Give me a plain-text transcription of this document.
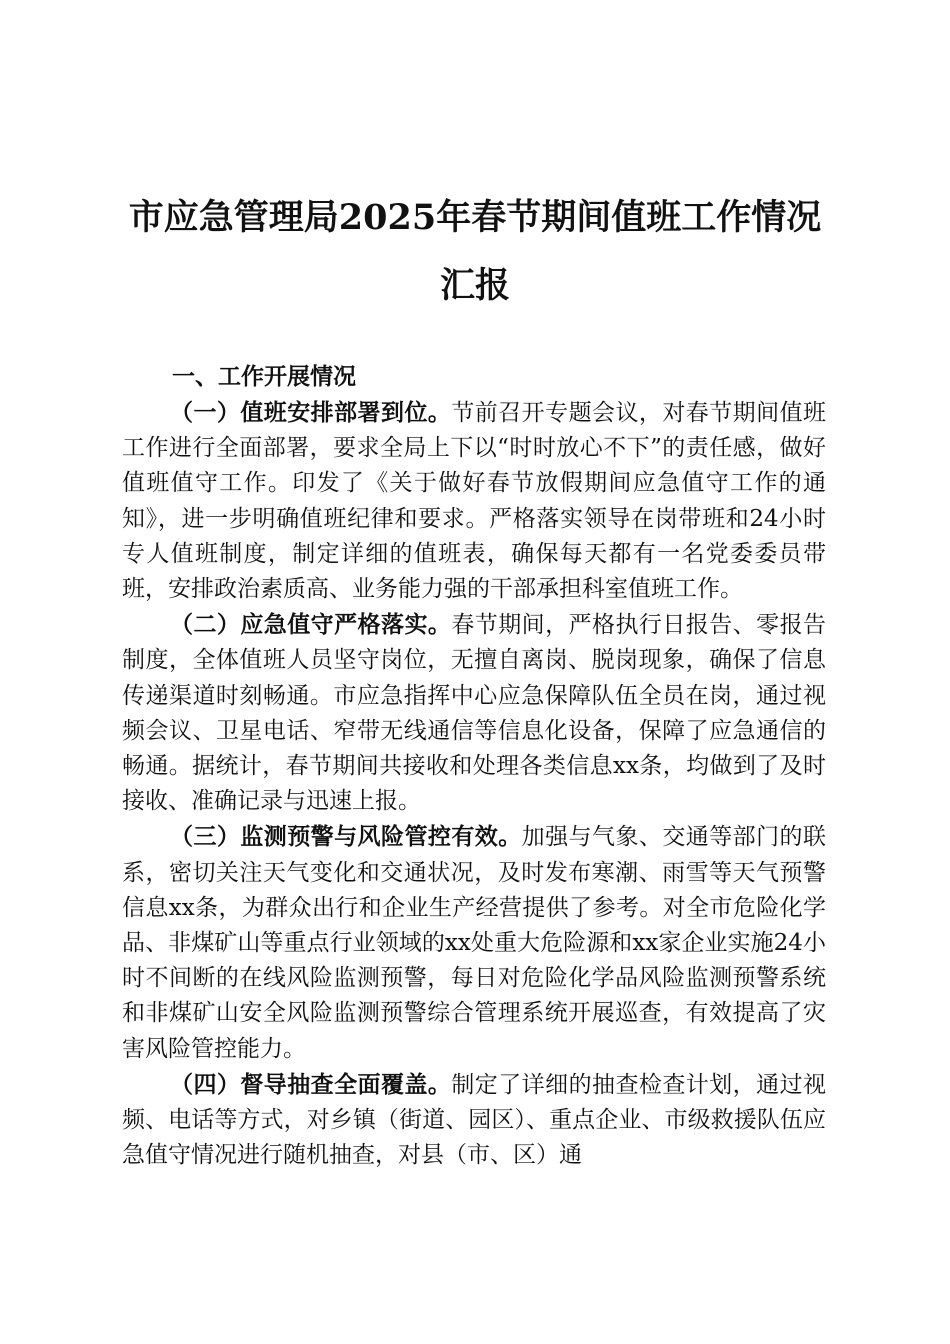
市应急管理局2025年春节期间值班工作情况
汇报

一、工作开展情况

（一）值班安排部署到位。节前召开专题会议，对春节期间值班工作进行全面部署，要求全局上下以“时时放心不下”的责任感，做好值班值守工作。印发了《关于做好春节放假期间应急值守工作的通知》，进一步明确值班纪律和要求。严格落实领导在岗带班和24小时专人值班制度，制定详细的值班表，确保每天都有一名党委委员带班，安排政治素质高、业务能力强的干部承担科室值班工作。

（二）应急值守严格落实。春节期间，严格执行日报告、零报告制度，全体值班人员坚守岗位，无擅自离岗、脱岗现象，确保了信息传递渠道时刻畅通。市应急指挥中心应急保障队伍全员在岗，通过视频会议、卫星电话、窄带无线通信等信息化设备，保障了应急通信的畅通。据统计，春节期间共接收和处理各类信息xx条，均做到了及时接收、准确记录与迅速上报。

（三）监测预警与风险管控有效。加强与气象、交通等部门的联系，密切关注天气变化和交通状况，及时发布寒潮、雨雪等天气预警信息xx条，为群众出行和企业生产经营提供了参考。对全市危险化学品、非煤矿山等重点行业领域的xx处重大危险源和xx家企业实施24小时不间断的在线风险监测预警，每日对危险化学品风险监测预警系统和非煤矿山安全风险监测预警综合管理系统开展巡查，有效提高了灾害风险管控能力。

（四）督导抽查全面覆盖。制定了详细的抽查检查计划，通过视频、电话等方式，对乡镇（街道、园区）、重点企业、市级救援队伍应急值守情况进行随机抽查，对县（市、区）通
